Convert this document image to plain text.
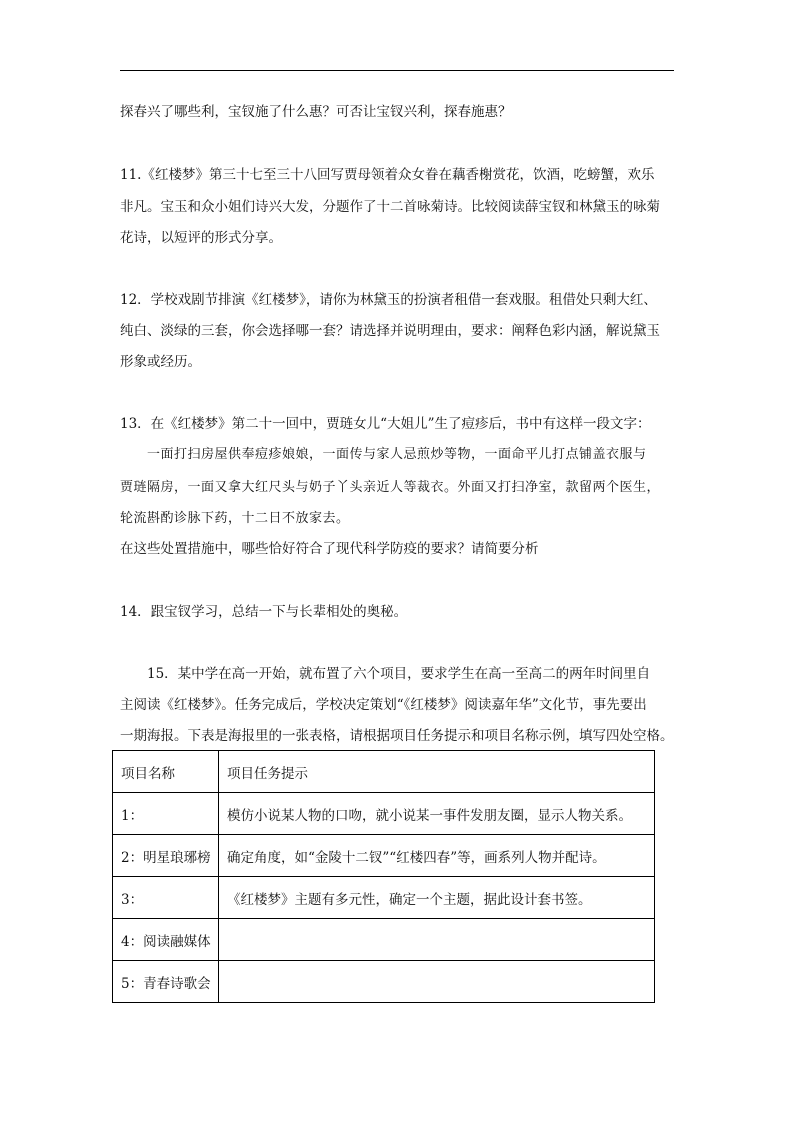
探春兴了哪些利，宝钗施了什么惠？可否让宝钗兴利，探春施惠？
11.《红楼梦》第三十七至三十八回写贾母领着众女眷在藕香榭赏花，饮酒，吃螃蟹，欢乐
非凡。宝玉和众小姐们诗兴大发，分题作了十二首咏菊诗。比较阅读薛宝钗和林黛玉的咏菊
花诗，以短评的形式分享。
12．学校戏剧节排演《红楼梦》，请你为林黛玉的扮演者租借一套戏服。租借处只剩大红、
纯白、淡绿的三套，你会选择哪一套？请选择并说明理由，要求：阐释色彩内涵，解说黛玉
形象或经历。
13．在《红楼梦》第二十一回中，贾琏女儿“大姐儿”生了痘疹后，书中有这样一段文字：
一面打扫房屋供奉痘疹娘娘，一面传与家人忌煎炒等物，一面命平儿打点铺盖衣服与
贾琏隔房，一面又拿大红尺头与奶子丫头亲近人等裁衣。外面又打扫净室，款留两个医生，
轮流斟酌诊脉下药，十二日不放家去。
在这些处置措施中，哪些恰好符合了现代科学防疫的要求？请简要分析
14．跟宝钗学习，总结一下与长辈相处的奥秘。
15．某中学在高一开始，就布置了六个项目，要求学生在高一至高二的两年时间里自
主阅读《红楼梦》。任务完成后，学校决定策划“《红楼梦》阅读嘉年华”文化节，事先要出
一期海报。下表是海报里的一张表格，请根据项目任务提示和项目名称示例，填写四处空格。
项目名称	项目任务提示
1：	模仿小说某人物的口吻，就小说某一事件发朋友圈，显示人物关系。
2：明星琅琊榜	确定角度，如“金陵十二钗”“红楼四春”等，画系列人物并配诗。
3：	《红楼梦》主题有多元性，确定一个主题，据此设计套书签。
4：阅读融媒体	
5：青春诗歌会	
